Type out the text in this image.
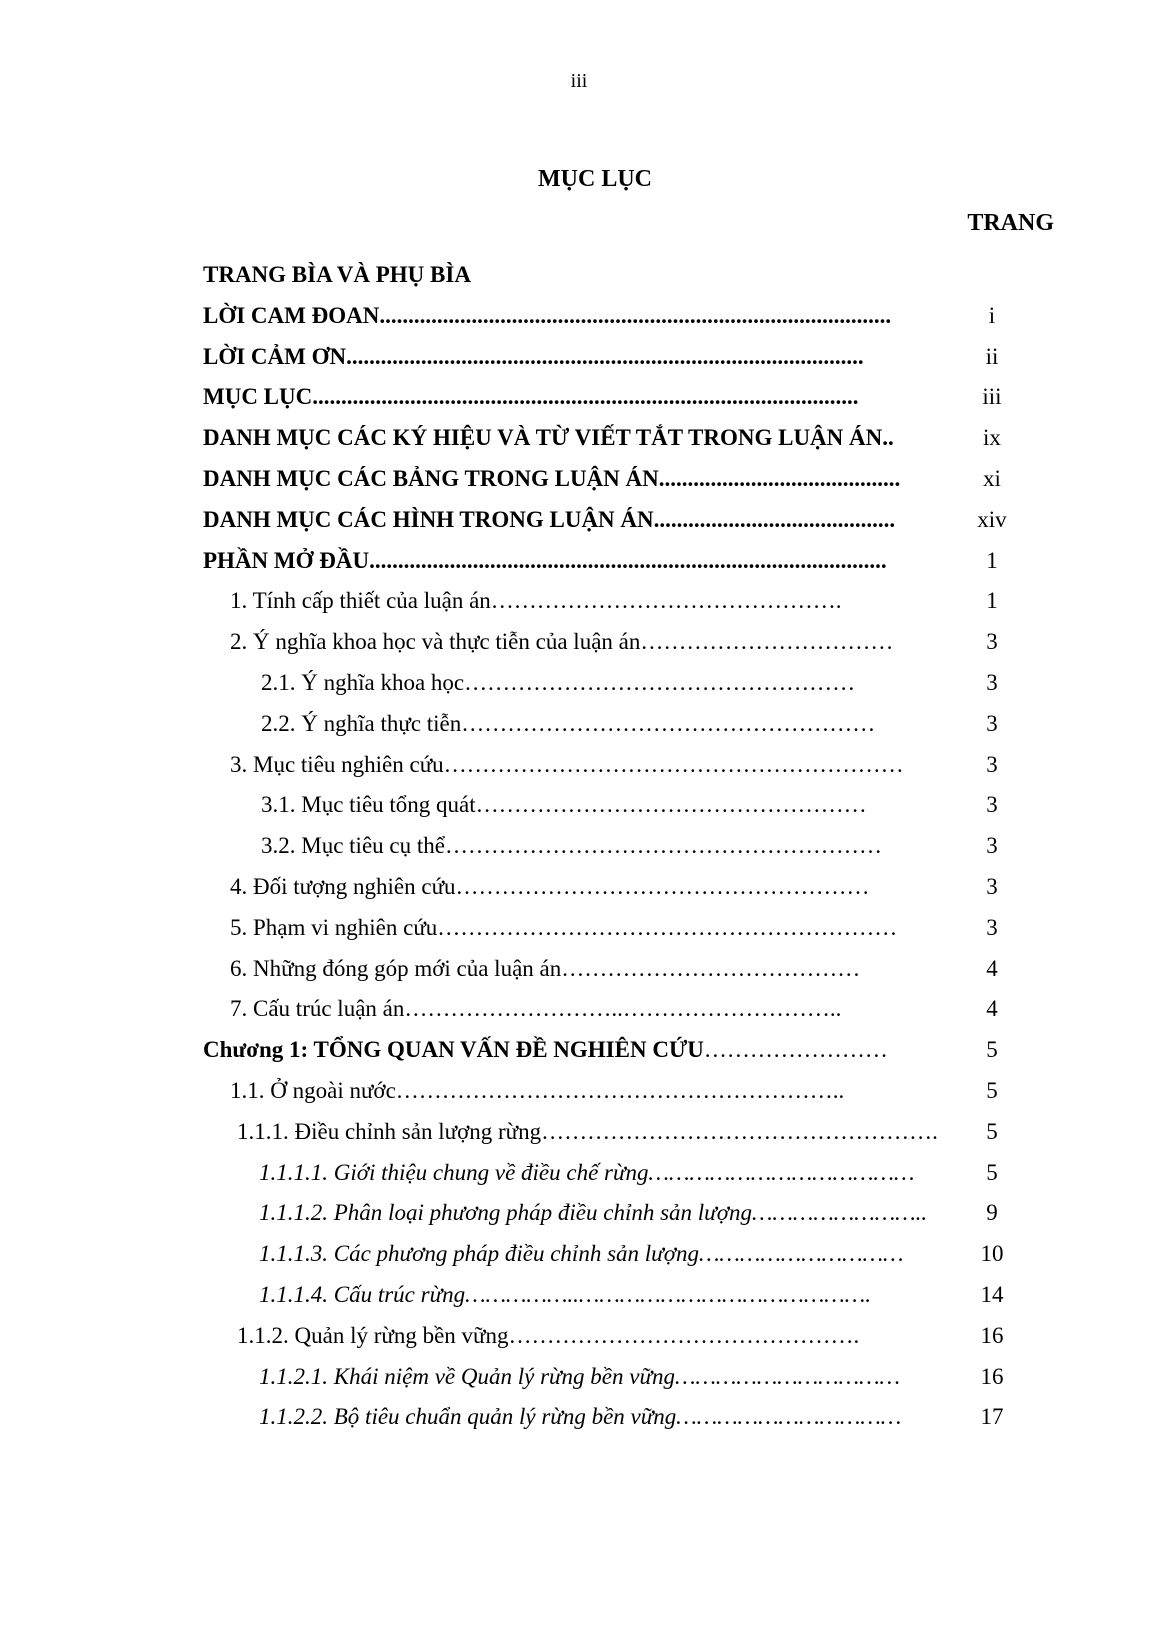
iii
MỤC LỤC
TRANG
TRANG BÌA VÀ PHỤ BÌA
LỜI CAM ĐOAN.........................................................................................	i
LỜI CẢM ƠN..........................................................................................	ii
MỤC LỤC...............................................................................................	iii
DANH MỤC CÁC KÝ HIỆU VÀ TỪ VIẾT TẮT TRONG LUẬN ÁN..	ix
DANH MỤC CÁC BẢNG TRONG LUẬN ÁN..........................................	xi
DANH MỤC CÁC HÌNH TRONG LUẬN ÁN..........................................	xiv
PHẦN MỞ ĐẦU..........................................................................................	1
1. Tính cấp thiết của luận án……………………………………….	1
2. Ý nghĩa khoa học và thực tiễn của luận án……………………………	3
2.1. Ý nghĩa khoa học……………………………………………	3
2.2. Ý nghĩa thực tiễn………………………………………………	3
3. Mục tiêu nghiên cứu……………………………………………………	3
3.1. Mục tiêu tổng quát……………………………………………	3
3.2. Mục tiêu cụ thể…………………………………………………	3
4. Đối tượng nghiên cứu………………………………………………	3
5. Phạm vi nghiên cứu……………………………………………………	3
6. Những đóng góp mới của luận án…………………………………	4
7. Cấu trúc luận án………………………..………………………..	4
Chương 1: TỔNG QUAN VẤN ĐỀ NGHIÊN CỨU……………………	5
1.1. Ở ngoài nước…………………………………………………..	5
1.1.1. Điều chỉnh sản lượng rừng…………………………………………….	5
1.1.1.1. Giới thiệu chung về điều chế rừng…………………………………	5
1.1.1.2. Phân loại phương pháp điều chỉnh sản lượng……………………..	9
1.1.1.3. Các phương pháp điều chỉnh sản lượng…………………………	10
1.1.1.4. Cấu trúc rừng……………..…………………………………….	14
1.1.2. Quản lý rừng bền vững……………………………………….	16
1.1.2.1. Khái niệm về Quản lý rừng bền vững……………………………	16
1.1.2.2. Bộ tiêu chuẩn quản lý rừng bền vững……………………………	17
